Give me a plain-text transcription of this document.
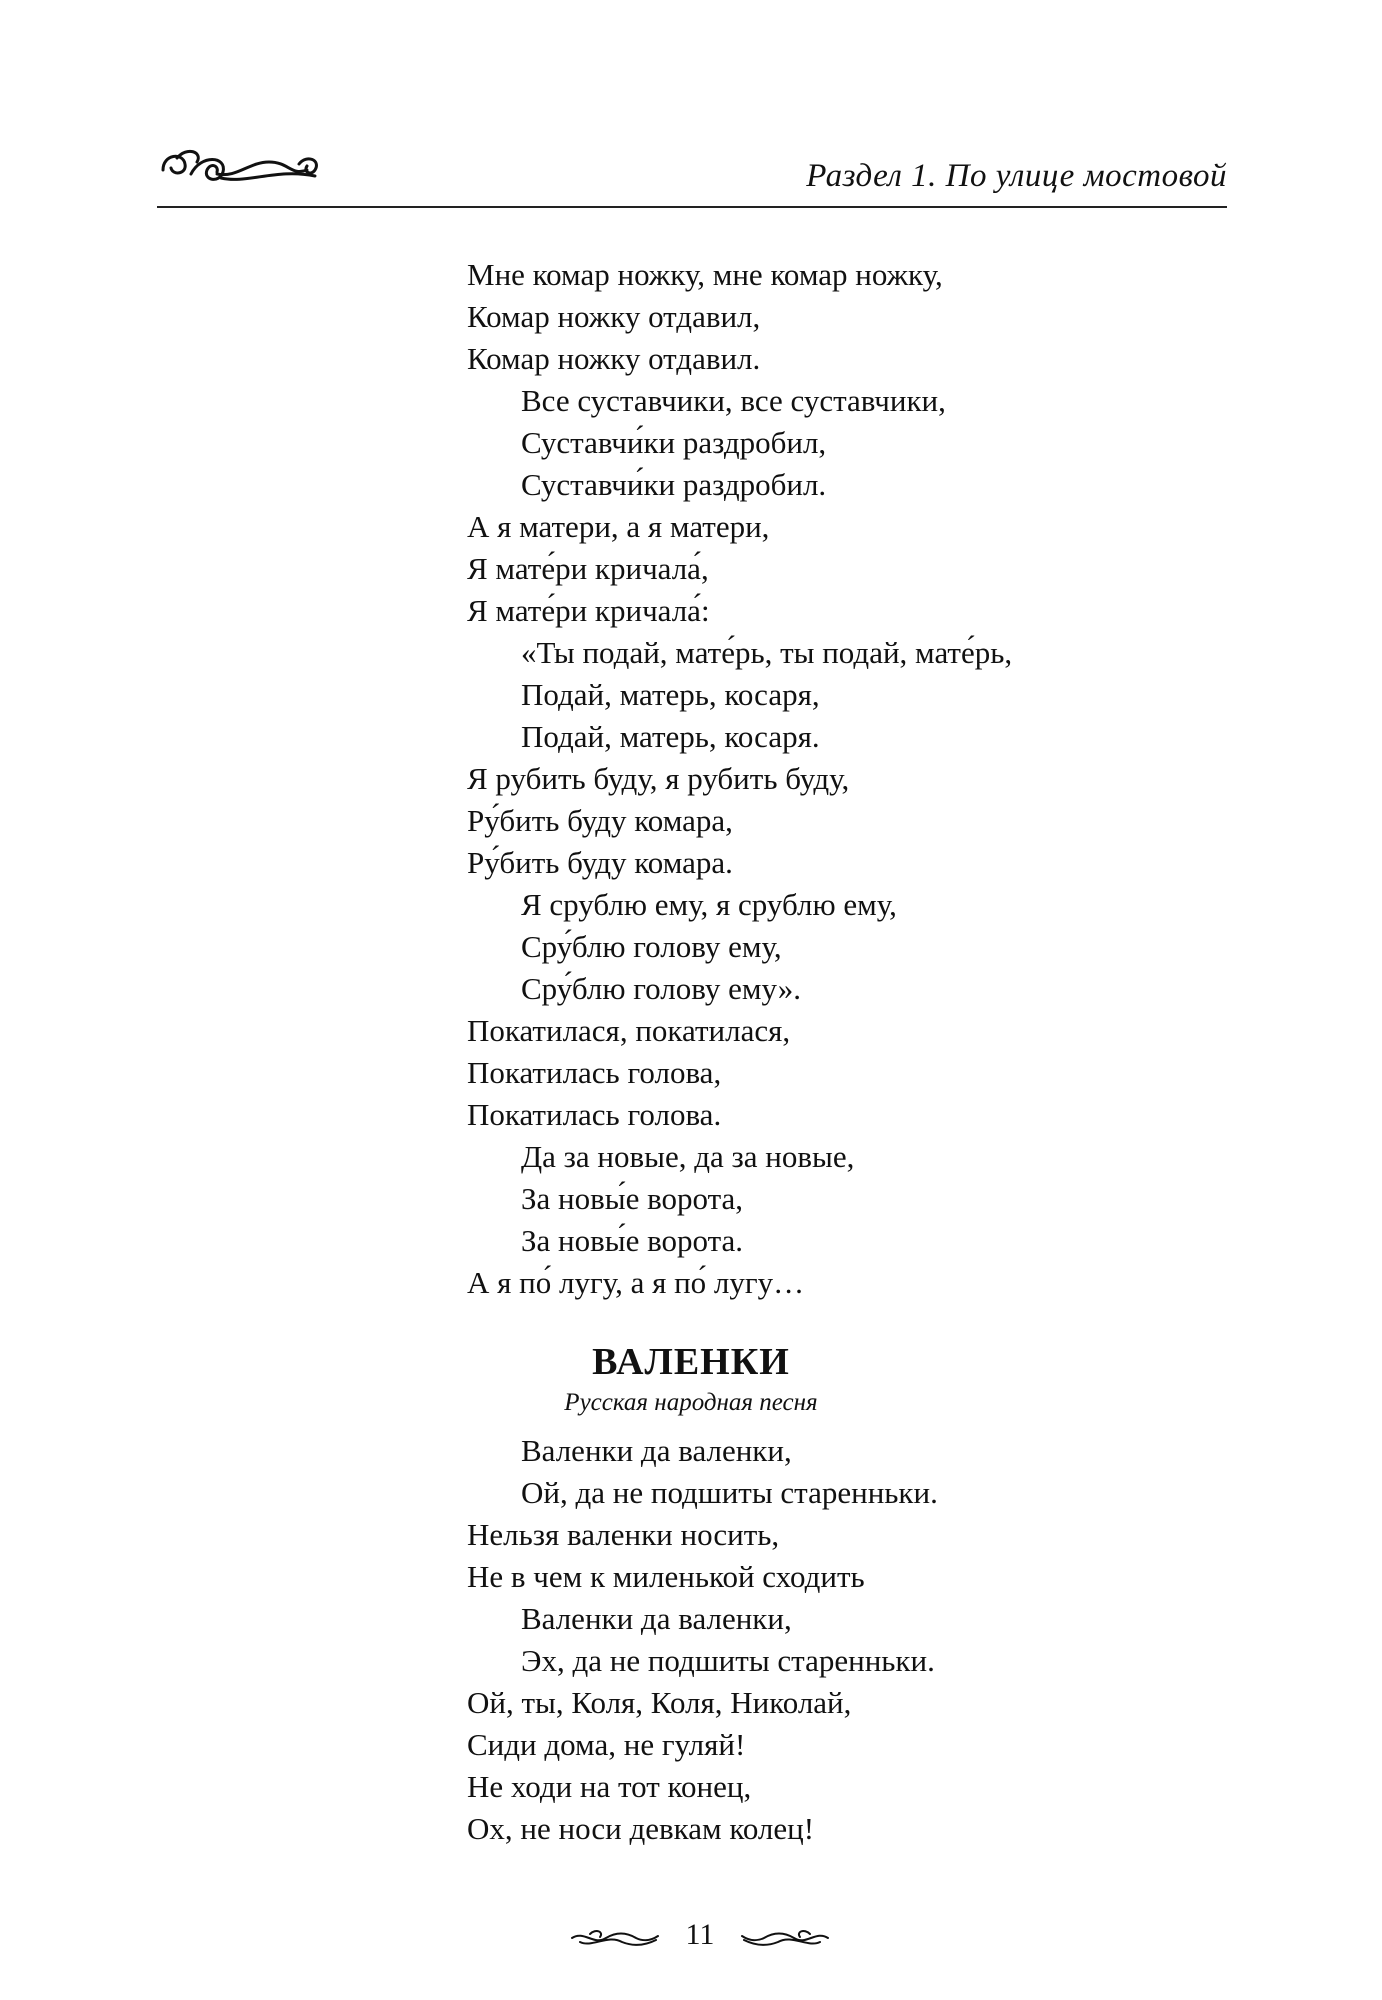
Раздел 1. По улице мостовой
Мне комар ножку, мне комар ножку,
Комар ножку отдавил,
Комар ножку отдавил.
Все суставчики, все суставчики,
Суставчи́ки раздробил,
Суставчи́ки раздробил.
А я матери, а я матери,
Я мате́ри кричала́,
Я мате́ри кричала́:
«Ты подай, мате́рь, ты подай, мате́рь,
Подай, матерь, косаря,
Подай, матерь, косаря.
Я рубить буду, я рубить буду,
Ру́бить буду комара,
Ру́бить буду комара.
Я срублю ему, я срублю ему,
Сру́блю голову ему,
Сру́блю голову ему».
Покатилася, покатилася,
Покатилась голова,
Покатилась голова.
Да за новые, да за новые,
За новы́е ворота,
За новы́е ворота.
А я по́ лугу, а я по́ лугу…
ВАЛЕНКИ
Русская народная песня
Валенки да валенки,
Ой, да не подшиты старенньки.
Нельзя валенки носить,
Не в чем к миленькой сходить
Валенки да валенки,
Эх, да не подшиты старенньки.
Ой, ты, Коля, Коля, Николай,
Сиди дома, не гуляй!
Не ходи на тот конец,
Ох, не носи девкам колец!
11
